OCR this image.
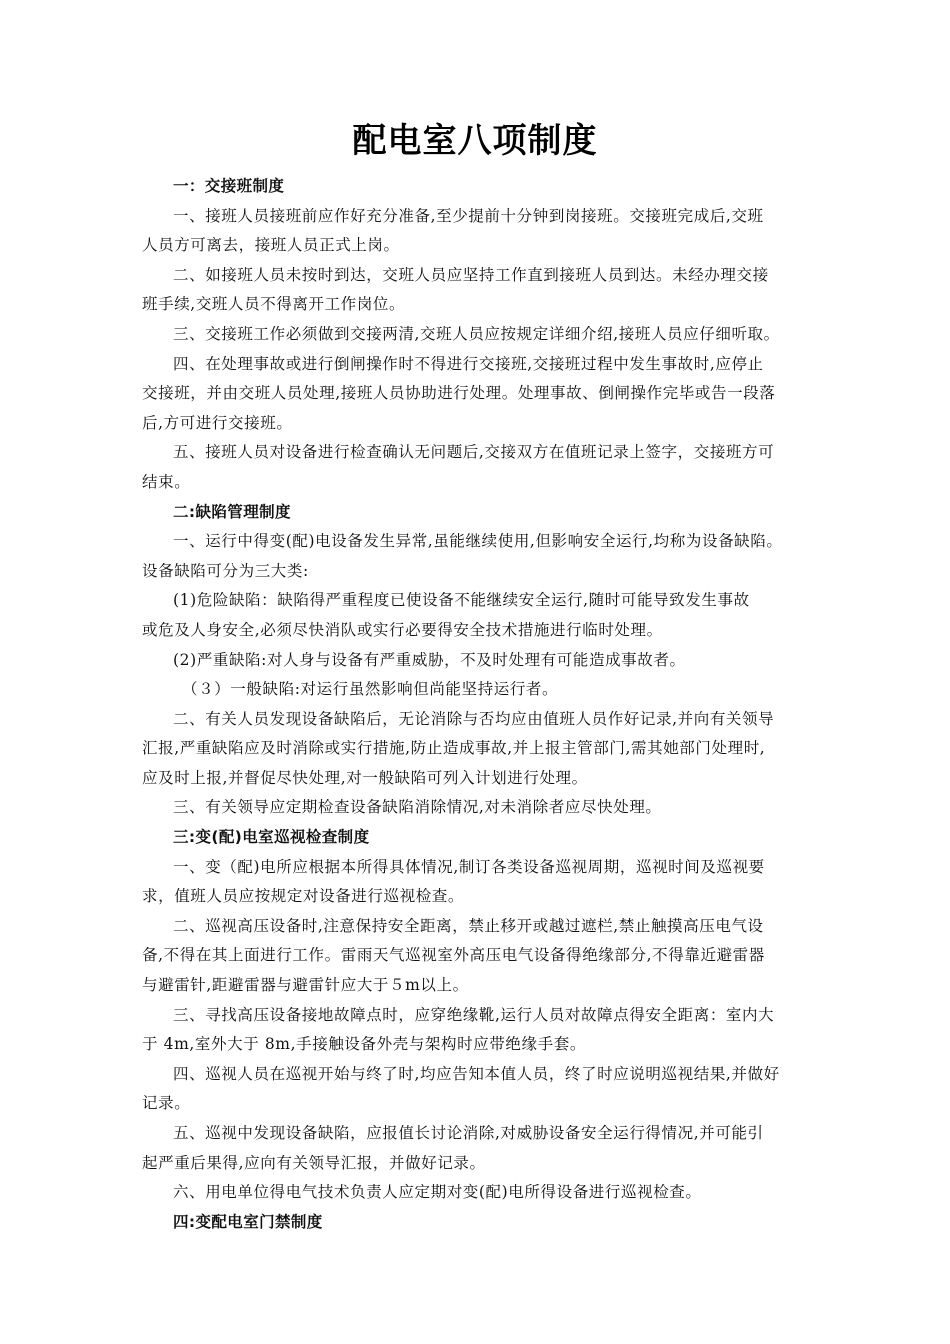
配电室八项制度

一：交接班制度

一、接班人员接班前应作好充分准备,至少提前十分钟到岗接班。交接班完成后,交班

人员方可离去，接班人员正式上岗。

二、如接班人员未按时到达，交班人员应坚持工作直到接班人员到达。未经办理交接

班手续,交班人员不得离开工作岗位。

三、交接班工作必须做到交接两清,交班人员应按规定详细介绍,接班人员应仔细听取。

四、在处理事故或进行倒闸操作时不得进行交接班,交接班过程中发生事故时,应停止

交接班，并由交班人员处理,接班人员协助进行处理。处理事故、倒闸操作完毕或告一段落

后,方可进行交接班。

五、接班人员对设备进行检查确认无问题后,交接双方在值班记录上签字，交接班方可

结束。

二:缺陷管理制度

一、运行中得变(配)电设备发生异常,虽能继续使用,但影响安全运行,均称为设备缺陷。

设备缺陷可分为三大类:

(1)危险缺陷：缺陷得严重程度已使设备不能继续安全运行,随时可能导致发生事故

或危及人身安全,必须尽快消队或实行必要得安全技术措施进行临时处理。

(2)严重缺陷:对人身与设备有严重威胁，不及时处理有可能造成事故者。

（３）一般缺陷:对运行虽然影响但尚能坚持运行者。

二、有关人员发现设备缺陷后，无论消除与否均应由值班人员作好记录,并向有关领导

汇报,严重缺陷应及时消除或实行措施,防止造成事故,并上报主管部门,需其她部门处理时,

应及时上报,并督促尽快处理,对一般缺陷可列入计划进行处理。

三、有关领导应定期检查设备缺陷消除情况,对未消除者应尽快处理。

三:变(配)电室巡视检查制度

一、变（配)电所应根据本所得具体情况,制订各类设备巡视周期，巡视时间及巡视要

求，值班人员应按规定对设备进行巡视检查。

二、巡视高压设备时,注意保持安全距离，禁止移开或越过遮栏,禁止触摸高压电气设

备,不得在其上面进行工作。雷雨天气巡视室外高压电气设备得绝缘部分,不得靠近避雷器

与避雷针,距避雷器与避雷针应大于５m以上。

三、寻找高压设备接地故障点时，应穿绝缘靴,运行人员对故障点得安全距离：室内大

于 4m,室外大于 8m,手接触设备外壳与架构时应带绝缘手套。

四、巡视人员在巡视开始与终了时,均应告知本值人员，终了时应说明巡视结果,并做好

记录。

五、巡视中发现设备缺陷，应报值长讨论消除,对威胁设备安全运行得情况,并可能引

起严重后果得,应向有关领导汇报，并做好记录。

六、用电单位得电气技术负责人应定期对变(配)电所得设备进行巡视检查。

四:变配电室门禁制度
